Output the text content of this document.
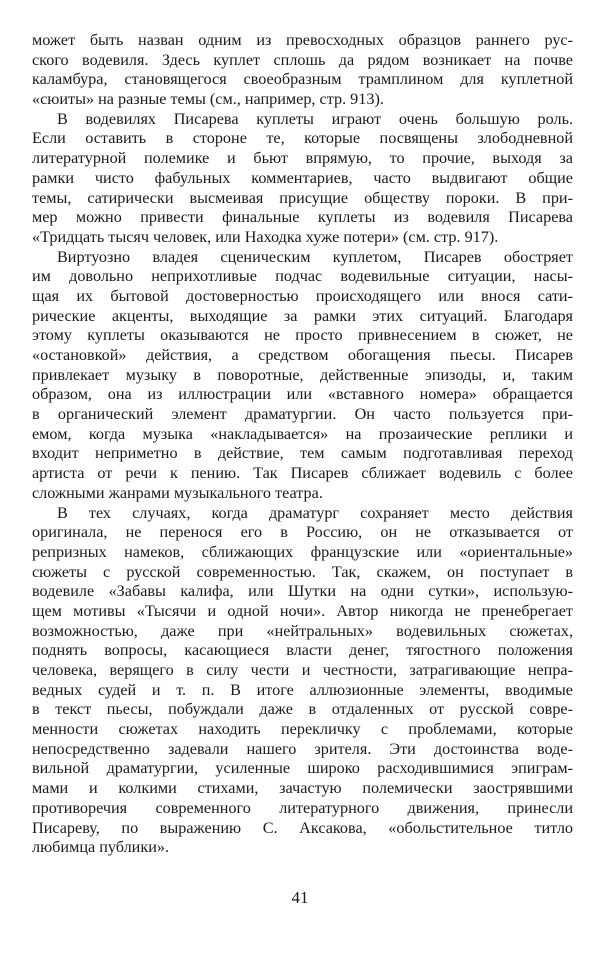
может быть назван одним из превосходных образцов раннего рус-
ского водевиля. Здесь куплет сплошь да рядом возникает на почве
каламбура, становящегося своеобразным трамплином для куплетной
«сюиты» на разные темы (см., например, стр. 913).
В водевилях Писарева куплеты играют очень большую роль.
Если оставить в стороне те, которые посвящены злободневной
литературной полемике и бьют впрямую, то прочие, выходя за
рамки чисто фабульных комментариев, часто выдвигают общие
темы, сатирически высмеивая присущие обществу пороки. В при-
мер можно привести финальные куплеты из водевиля Писарева
«Тридцать тысяч человек, или Находка хуже потери» (см. стр. 917).
Виртуозно владея сценическим куплетом, Писарев обостряет
им довольно неприхотливые подчас водевильные ситуации, насы-
щая их бытовой достоверностью происходящего или внося сати-
рические акценты, выходящие за рамки этих ситуаций. Благодаря
этому куплеты оказываются не просто привнесением в сюжет, не
«остановкой» действия, а средством обогащения пьесы. Писарев
привлекает музыку в поворотные, действенные эпизоды, и, таким
образом, она из иллюстрации или «вставного номера» обращается
в органический элемент драматургии. Он часто пользуется при-
емом, когда музыка «накладывается» на прозаические реплики и
входит неприметно в действие, тем самым подготавливая переход
артиста от речи к пению. Так Писарев сближает водевиль с более
сложными жанрами музыкального театра.
В тех случаях, когда драматург сохраняет место действия
оригинала, не перенося его в Россию, он не отказывается от
репризных намеков, сближающих французские или «ориентальные»
сюжеты с русской современностью. Так, скажем, он поступает в
водевиле «Забавы калифа, или Шутки на одни сутки», использую-
щем мотивы «Тысячи и одной ночи». Автор никогда не пренебрегает
возможностью, даже при «нейтральных» водевильных сюжетах,
поднять вопросы, касающиеся власти денег, тягостного положения
человека, верящего в силу чести и честности, затрагивающие непра-
ведных судей и т. п. В итоге аллюзионные элементы, вводимые
в текст пьесы, побуждали даже в отдаленных от русской совре-
менности сюжетах находить перекличку с проблемами, которые
непосредственно задевали нашего зрителя. Эти достоинства водe-
вильной драматургии, усиленные широко расходившимися эпиграм-
мами и колкими стихами, зачастую полемически заострявшими
противоречия современного литературного движения, принесли
Писареву, по выражению С. Аксакова, «обольстительное титло
любимца публики».
41
